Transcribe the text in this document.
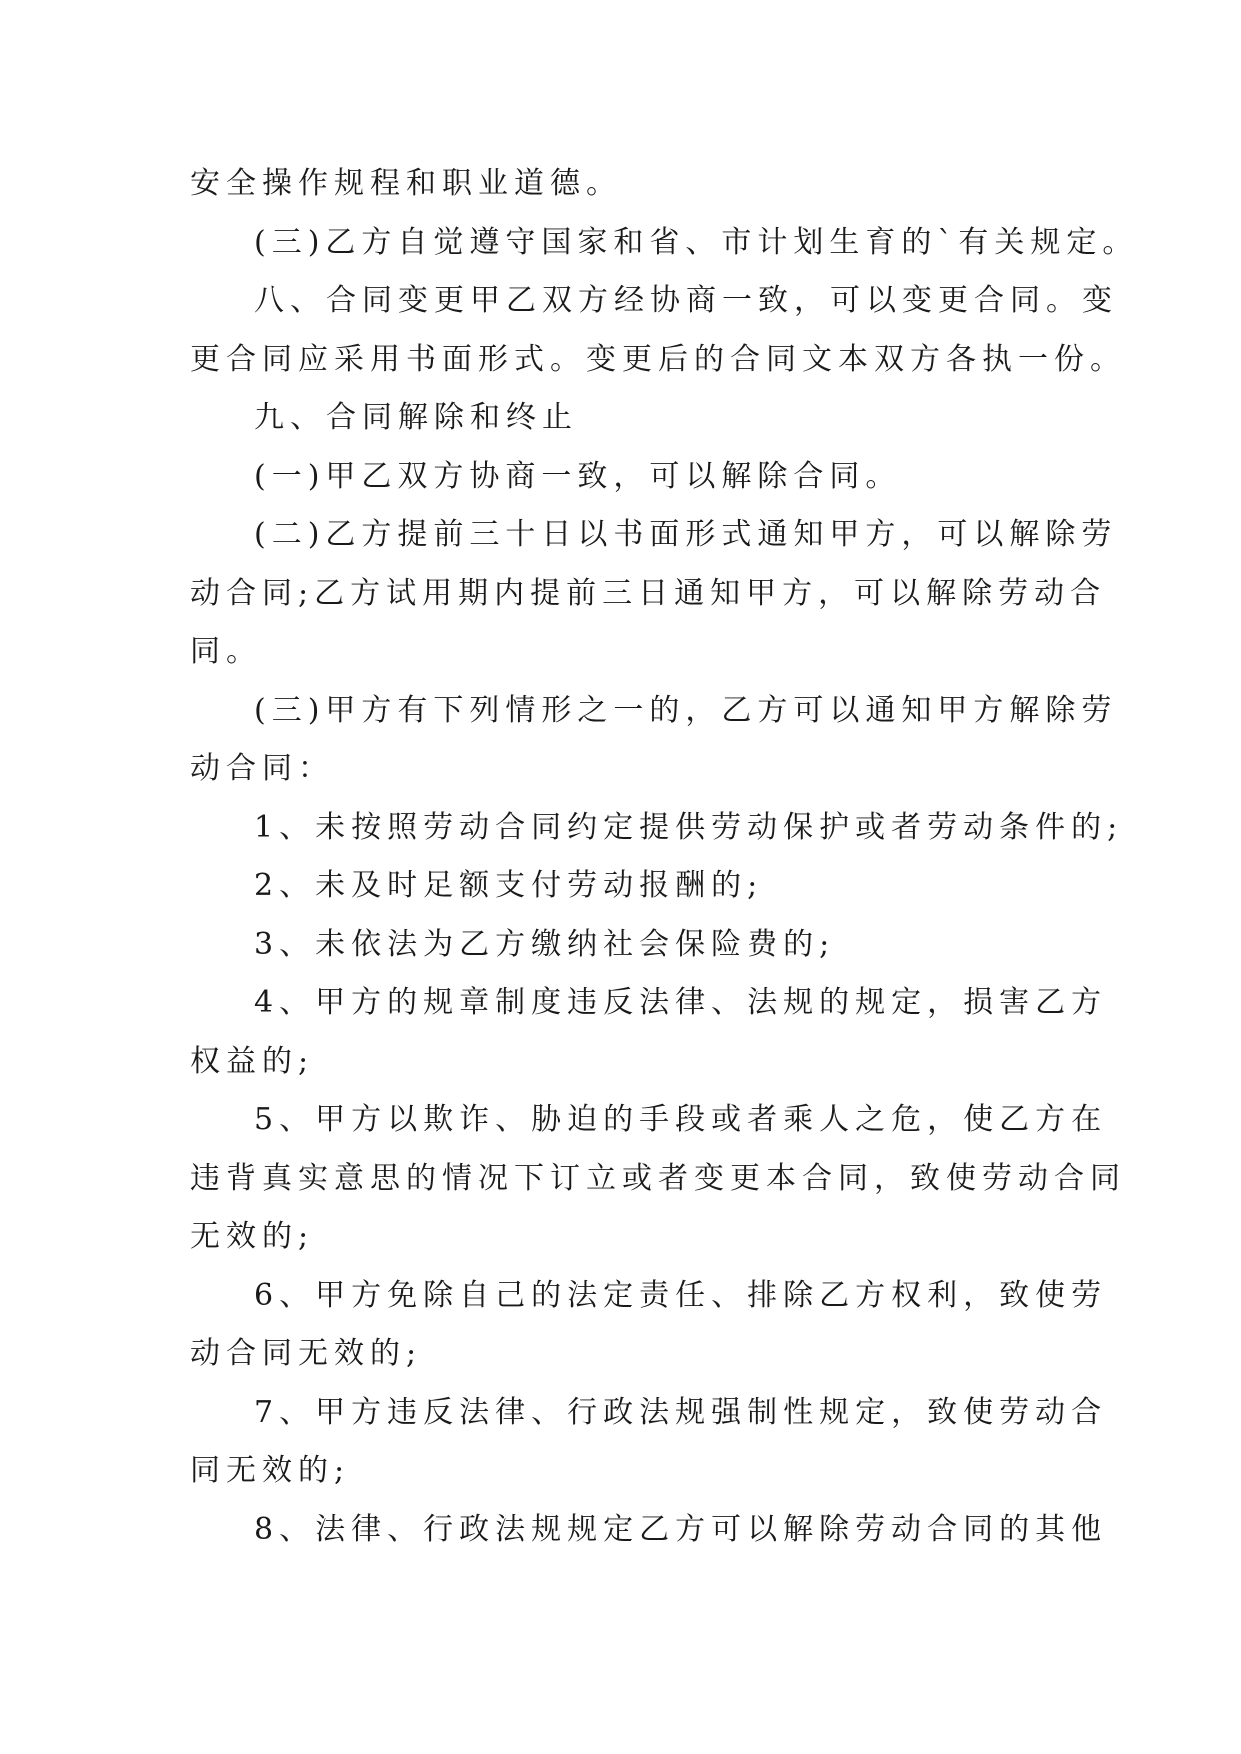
安全操作规程和职业道德。
(三)乙方自觉遵守国家和省、市计划生育的`有关规定。
八、合同变更甲乙双方经协商一致，可以变更合同。变
更合同应采用书面形式。变更后的合同文本双方各执一份。
九、合同解除和终止
(一)甲乙双方协商一致，可以解除合同。
(二)乙方提前三十日以书面形式通知甲方，可以解除劳
动合同;乙方试用期内提前三日通知甲方，可以解除劳动合
同。
(三)甲方有下列情形之一的，乙方可以通知甲方解除劳
动合同：
1、未按照劳动合同约定提供劳动保护或者劳动条件的;
2、未及时足额支付劳动报酬的;
3、未依法为乙方缴纳社会保险费的;
4、甲方的规章制度违反法律、法规的规定，损害乙方
权益的;
5、甲方以欺诈、胁迫的手段或者乘人之危，使乙方在
违背真实意思的情况下订立或者变更本合同，致使劳动合同
无效的;
6、甲方免除自己的法定责任、排除乙方权利，致使劳
动合同无效的;
7、甲方违反法律、行政法规强制性规定，致使劳动合
同无效的;
8、法律、行政法规规定乙方可以解除劳动合同的其他
